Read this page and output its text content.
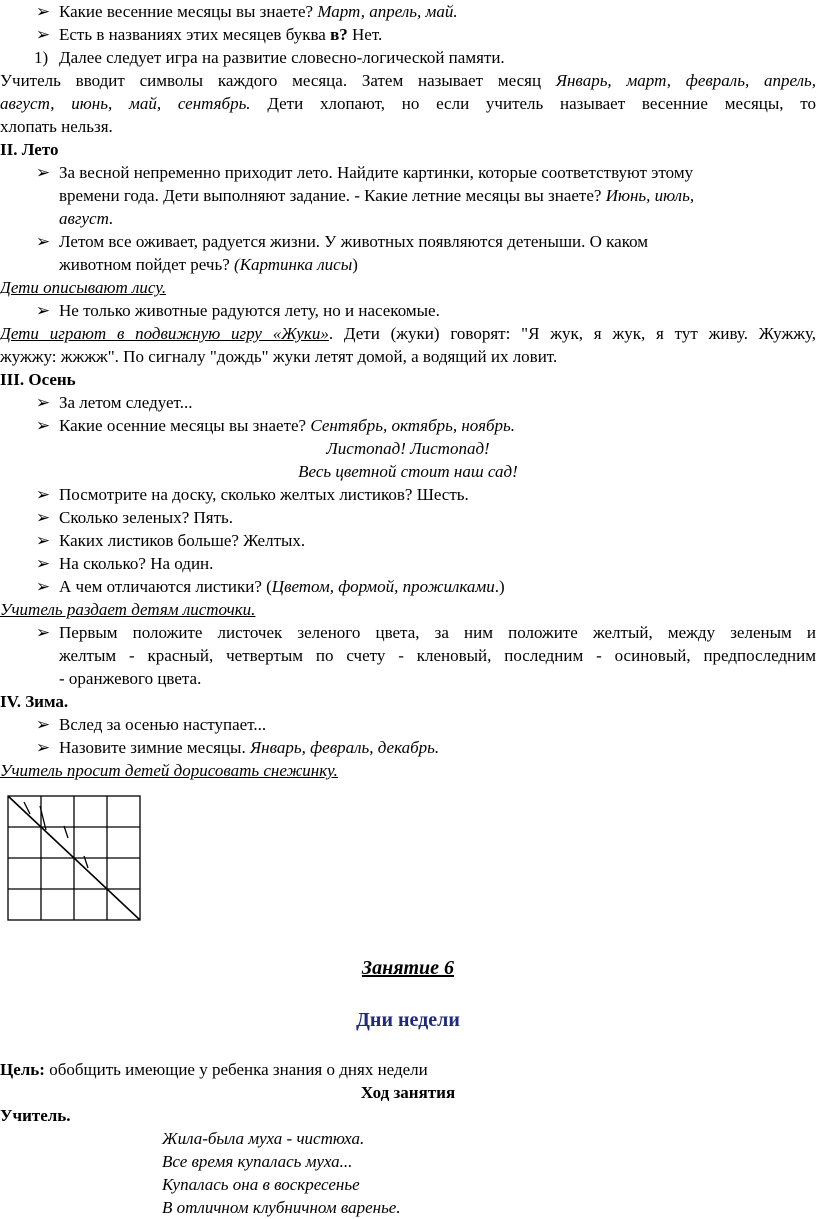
➢ Какие весенние месяцы вы знаете? Март, апрель, май.
➢ Есть в названиях этих месяцев буква в? Нет.
1) Далее следует игра на развитие словесно-логической памяти.
Учитель вводит символы каждого месяца. Затем называет месяц Январь, март, февраль, апрель,
август, июнь, май, сентябрь. Дети хлопают, но если учитель называет весенние месяцы, то
хлопать нельзя.
II. Лето
➢ За весной непременно приходит лето. Найдите картинки, которые соответствуют этому
времени года. Дети выполняют задание. - Какие летние месяцы вы знаете? Июнь, июль,
август.
➢ Летом все оживает, радуется жизни. У животных появляются детеныши. О каком
животном пойдет речь? (Картинка лисы)
Дети описывают лису.
➢ Не только животные радуются лету, но и насекомые.
Дети играют в подвижную игру «Жуки». Дети (жуки) говорят: "Я жук, я жук, я тут живу. Жужжу,
жужжу: жжжж". По сигналу "дождь" жуки летят домой, а водящий их ловит.
III. Осень
➢ За летом следует...
➢ Какие осенние месяцы вы знаете? Сентябрь, октябрь, ноябрь.
Листопад! Листопад!
Весь цветной стоит наш сад!
➢ Посмотрите на доску, сколько желтых листиков? Шесть.
➢ Сколько зеленых? Пять.
➢ Каких листиков больше? Желтых.
➢ На сколько? На один.
➢ А чем отличаются листики? (Цветом, формой, прожилками.)
Учитель раздает детям листочки.
➢ Первым положите листочек зеленого цвета, за ним положите желтый, между зеленым и
желтым - красный, четвертым по счету - кленовый, последним - осиновый, предпоследним
- оранжевого цвета.
IV. Зима.
➢ Вслед за осенью наступает...
➢ Назовите зимние месяцы. Январь, февраль, декабрь.
Учитель просит детей дорисовать снежинку.
Занятие 6
Дни недели
Цель: обобщить имеющие у ребенка знания о днях недели
Ход занятия
Учитель.
Жила-была муха - чистюха.
Все время купалась муха...
Купалась она в воскресенье
В отличном клубничном варенье.
